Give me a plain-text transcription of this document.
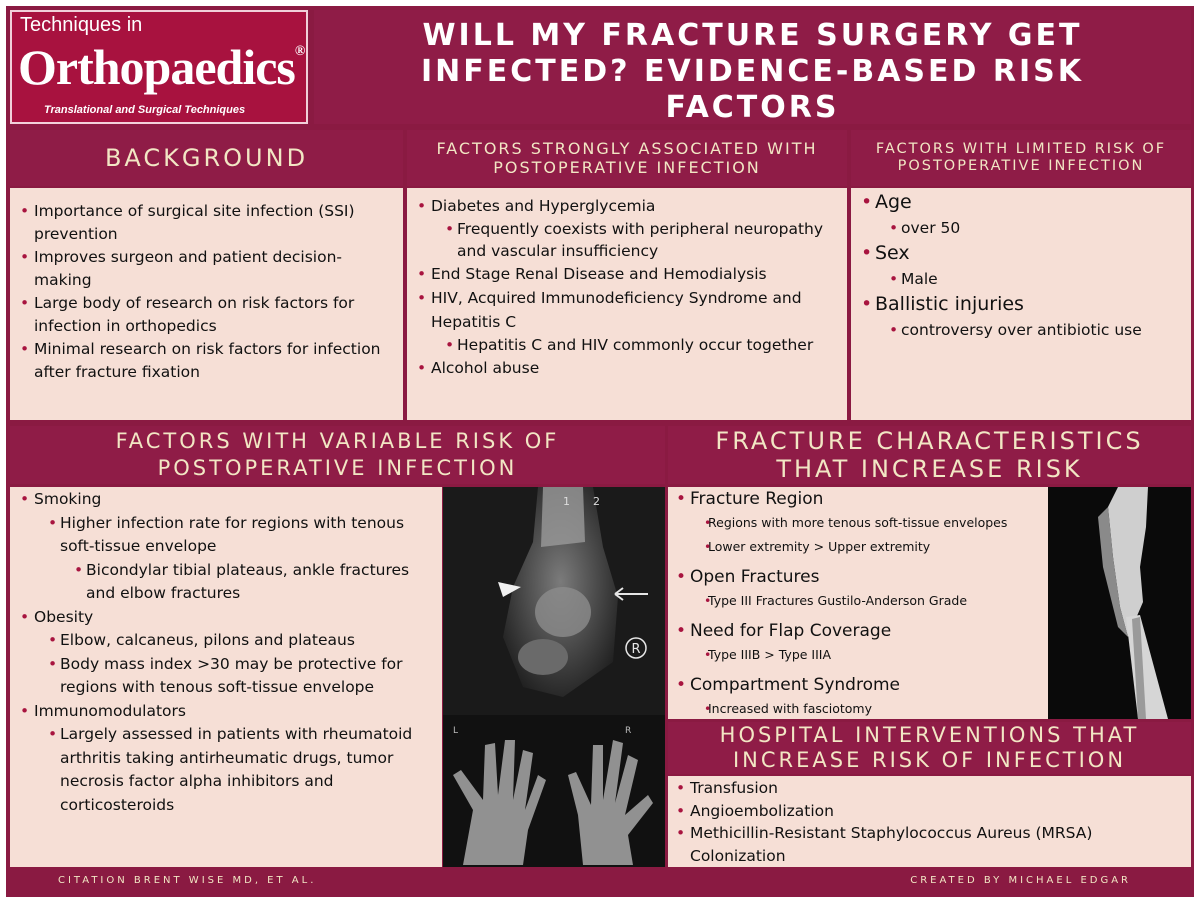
Techniques in
Orthopaedics®
Translational and Surgical Techniques
WILL MY FRACTURE SURGERY GET INFECTED? EVIDENCE-BASED RISK FACTORS
BACKGROUND
• Importance of surgical site infection (SSI) prevention
• Improves surgeon and patient decision-making
• Large body of research on risk factors for infection in orthopedics
• Minimal research on risk factors for infection after fracture fixation
FACTORS STRONGLY ASSOCIATED WITH POSTOPERATIVE INFECTION
• Diabetes and Hyperglycemia
• Frequently coexists with peripheral neuropathy and vascular insufficiency
• End Stage Renal Disease and Hemodialysis
• HIV, Acquired Immunodeficiency Syndrome and Hepatitis C
• Hepatitis C and HIV commonly occur together
• Alcohol abuse
FACTORS WITH LIMITED RISK OF POSTOPERATIVE INFECTION
• Age
• over 50
• Sex
• Male
• Ballistic injuries
• controversy over antibiotic use
FACTORS WITH VARIABLE RISK OF POSTOPERATIVE INFECTION
• Smoking
• Higher infection rate for regions with tenous soft-tissue envelope
• Bicondylar tibial plateaus, ankle fractures and elbow fractures
• Obesity
• Elbow, calcaneus, pilons and plateaus
• Body mass index >30 may be protective for regions with tenous soft-tissue envelope
• Immunomodulators
• Largely assessed in patients with rheumatoid arthritis taking antirheumatic drugs, tumor necrosis factor alpha inhibitors and corticosteroids
R
1 2
L	R
FRACTURE CHARACTERISTICS THAT INCREASE RISK
• Fracture Region
• Regions with more tenous soft-tissue envelopes
• Lower extremity > Upper extremity
• Open Fractures
• Type III Fractures Gustilo-Anderson Grade
• Need for Flap Coverage
• Type IIIB > Type IIIA
• Compartment Syndrome
• Increased with fasciotomy
HOSPITAL INTERVENTIONS THAT INCREASE RISK OF INFECTION
• Transfusion
• Angioembolization
• Methicillin-Resistant Staphylococcus Aureus (MRSA) Colonization
CITATION BRENT WISE MD, ET AL.	CREATED BY MICHAEL EDGAR
